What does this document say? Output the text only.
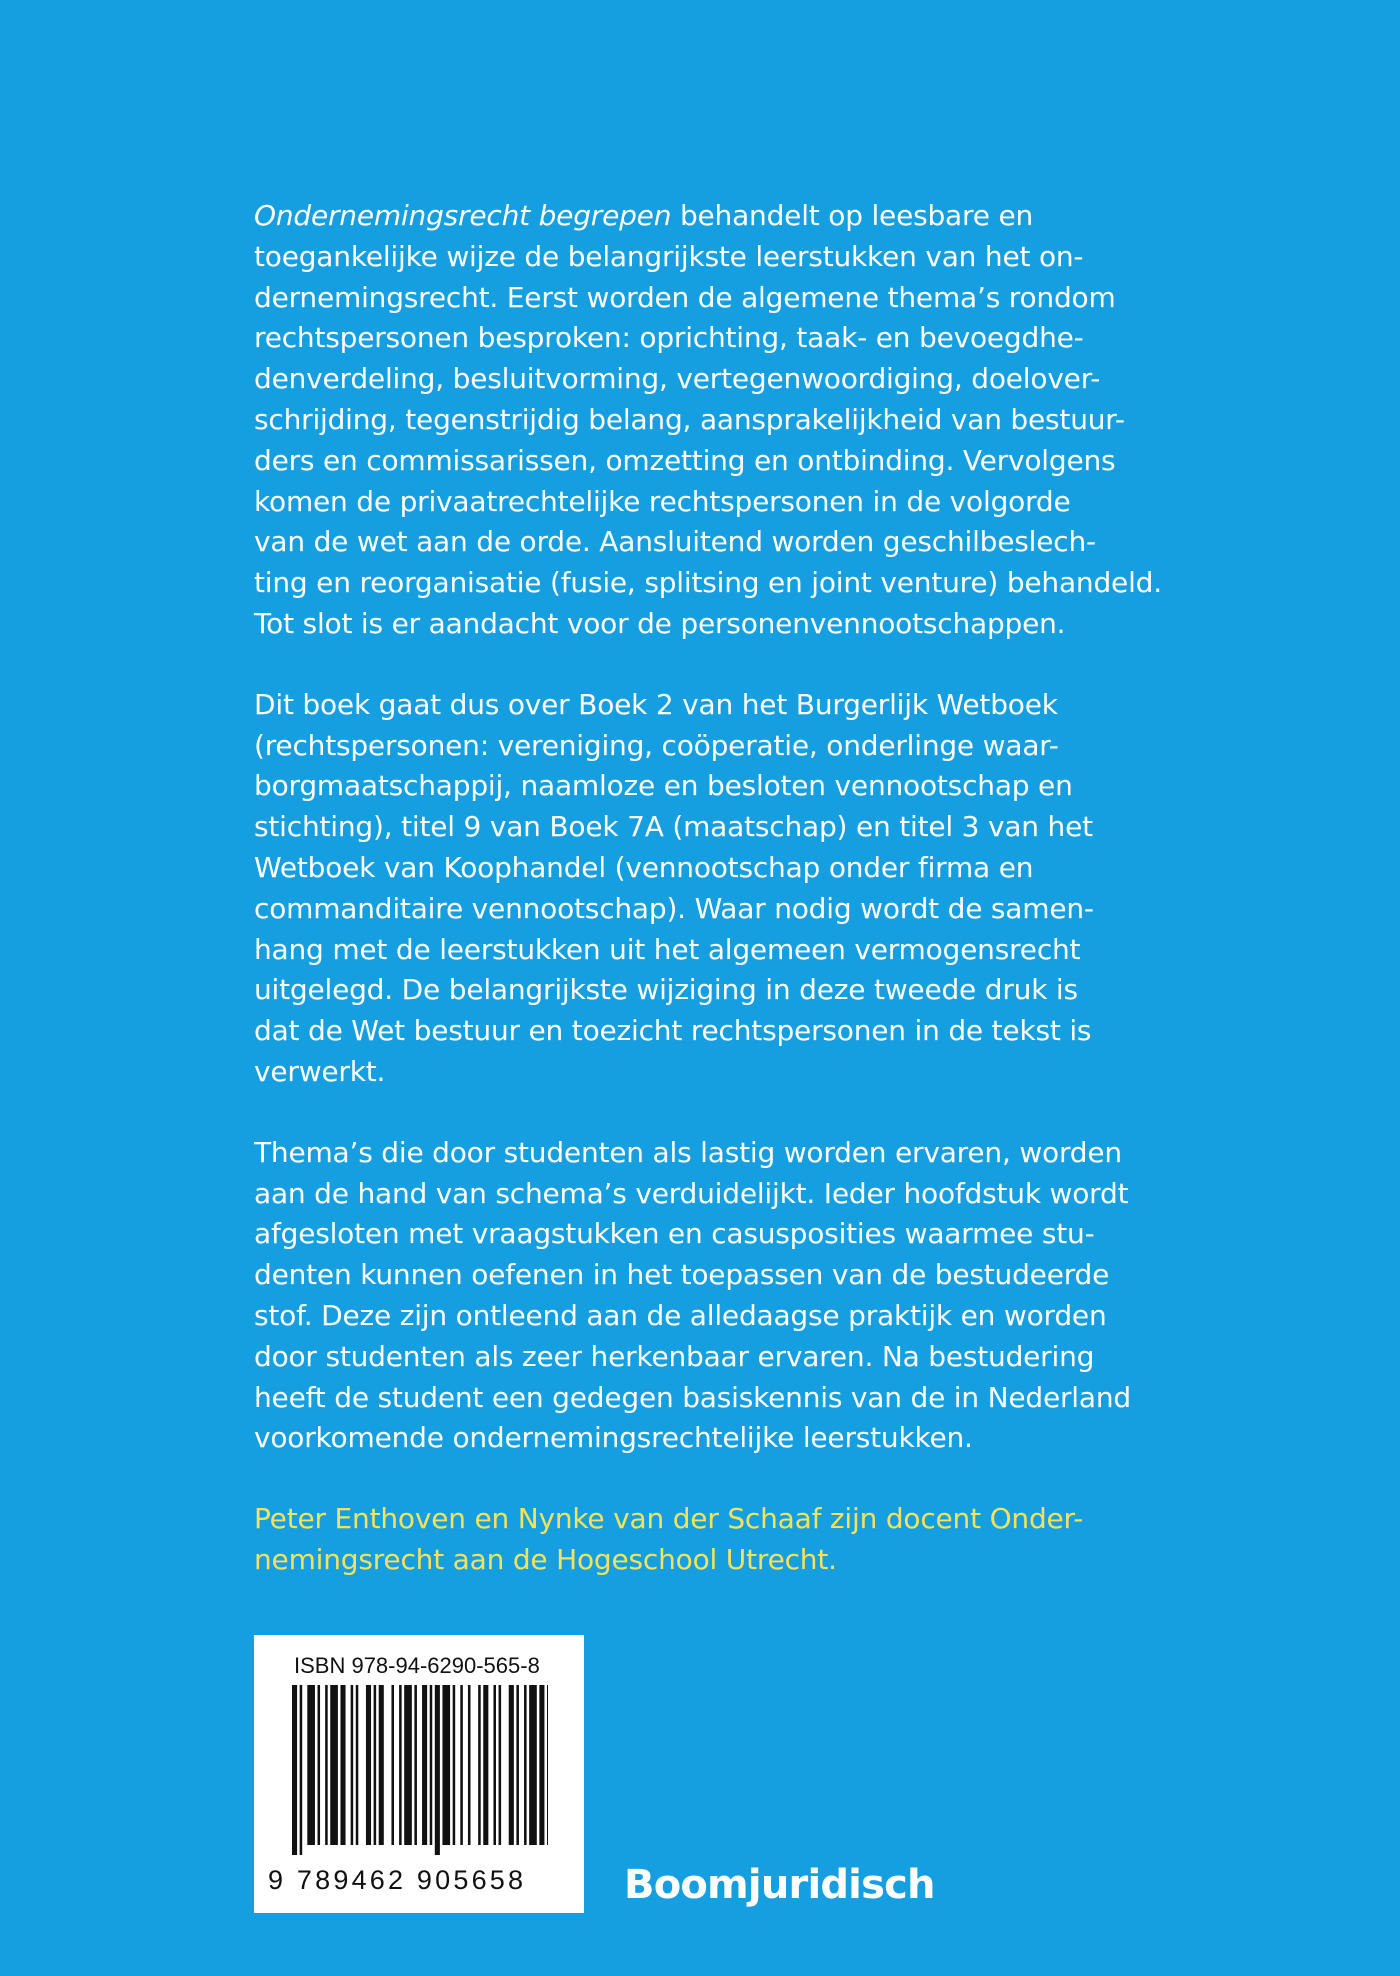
Ondernemingsrecht begrepen behandelt op leesbare en
toegankelijke wijze de belangrijkste leerstukken van het on-
dernemingsrecht. Eerst worden de algemene thema’s rondom
rechtspersonen besproken: oprichting, taak- en bevoegdhe-
denverdeling, besluitvorming, vertegenwoordiging, doelover-
schrijding, tegenstrijdig belang, aansprakelijkheid van bestuur-
ders en commissarissen, omzetting en ontbinding. Vervolgens
komen de privaatrechtelijke rechtspersonen in de volgorde
van de wet aan de orde. Aansluitend worden geschilbeslech-
ting en reorganisatie (fusie, splitsing en joint venture) behandeld.
Tot slot is er aandacht voor de personenvennootschappen.

Dit boek gaat dus over Boek 2 van het Burgerlijk Wetboek
(rechtspersonen: vereniging, coöperatie, onderlinge waar-
borgmaatschappij, naamloze en besloten vennootschap en
stichting), titel 9 van Boek 7A (maatschap) en titel 3 van het
Wetboek van Koophandel (vennootschap onder firma en
commanditaire vennootschap). Waar nodig wordt de samen-
hang met de leerstukken uit het algemeen vermogensrecht
uitgelegd. De belangrijkste wijziging in deze tweede druk is
dat de Wet bestuur en toezicht rechtspersonen in de tekst is
verwerkt.

Thema’s die door studenten als lastig worden ervaren, worden
aan de hand van schema’s verduidelijkt. Ieder hoofdstuk wordt
afgesloten met vraagstukken en casusposities waarmee stu-
denten kunnen oefenen in het toepassen van de bestudeerde
stof. Deze zijn ontleend aan de alledaagse praktijk en worden
door studenten als zeer herkenbaar ervaren. Na bestudering
heeft de student een gedegen basiskennis van de in Nederland
voorkomende ondernemingsrechtelijke leerstukken.

Peter Enthoven en Nynke van der Schaaf zijn docent Onder-
nemingsrecht aan de Hogeschool Utrecht.

ISBN 978-94-6290-565-8
9 789462 905658 Boomjuridisch
